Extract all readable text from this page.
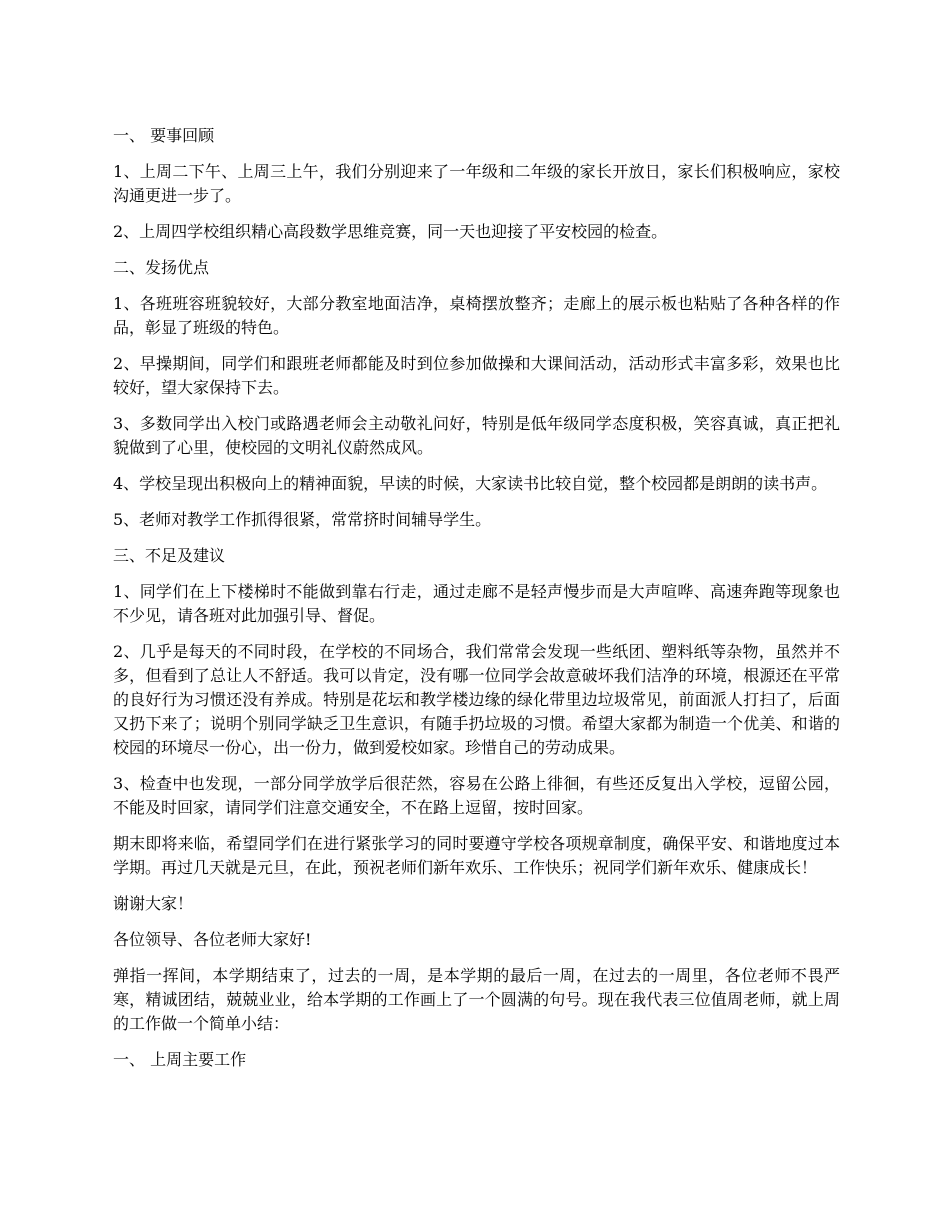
一、 要事回顾

1、上周二下午、上周三上午，我们分别迎来了一年级和二年级的家长开放日，家长们积极响应，家校沟通更进一步了。

2、上周四学校组织精心高段数学思维竞赛，同一天也迎接了平安校园的检查。

二、发扬优点

1、各班班容班貌较好，大部分教室地面洁净，桌椅摆放整齐；走廊上的展示板也粘贴了各种各样的作品，彰显了班级的特色。

2、早操期间，同学们和跟班老师都能及时到位参加做操和大课间活动，活动形式丰富多彩，效果也比较好，望大家保持下去。

3、多数同学出入校门或路遇老师会主动敬礼问好，特别是低年级同学态度积极，笑容真诚，真正把礼貌做到了心里，使校园的文明礼仪蔚然成风。

4、学校呈现出积极向上的精神面貌，早读的时候，大家读书比较自觉，整个校园都是朗朗的读书声。

5、老师对教学工作抓得很紧，常常挤时间辅导学生。

三、不足及建议

1、同学们在上下楼梯时不能做到靠右行走，通过走廊不是轻声慢步而是大声喧哗、高速奔跑等现象也不少见，请各班对此加强引导、督促。

2、几乎是每天的不同时段，在学校的不同场合，我们常常会发现一些纸团、塑料纸等杂物，虽然并不多，但看到了总让人不舒适。我可以肯定，没有哪一位同学会故意破坏我们洁净的环境，根源还在平常的良好行为习惯还没有养成。特别是花坛和教学楼边缘的绿化带里边垃圾常见，前面派人打扫了，后面又扔下来了；说明个别同学缺乏卫生意识，有随手扔垃圾的习惯。希望大家都为制造一个优美、和谐的校园的环境尽一份心，出一份力，做到爱校如家。珍惜自己的劳动成果。

3、检查中也发现，一部分同学放学后很茫然，容易在公路上徘徊，有些还反复出入学校，逗留公园，不能及时回家，请同学们注意交通安全，不在路上逗留，按时回家。

期末即将来临，希望同学们在进行紧张学习的同时要遵守学校各项规章制度，确保平安、和谐地度过本学期。再过几天就是元旦，在此，预祝老师们新年欢乐、工作快乐；祝同学们新年欢乐、健康成长！

谢谢大家！

各位领导、各位老师大家好!

弹指一挥间，本学期结束了，过去的一周，是本学期的最后一周，在过去的一周里，各位老师不畏严寒，精诚团结，兢兢业业，给本学期的工作画上了一个圆满的句号。现在我代表三位值周老师，就上周的工作做一个简单小结：

一、 上周主要工作
